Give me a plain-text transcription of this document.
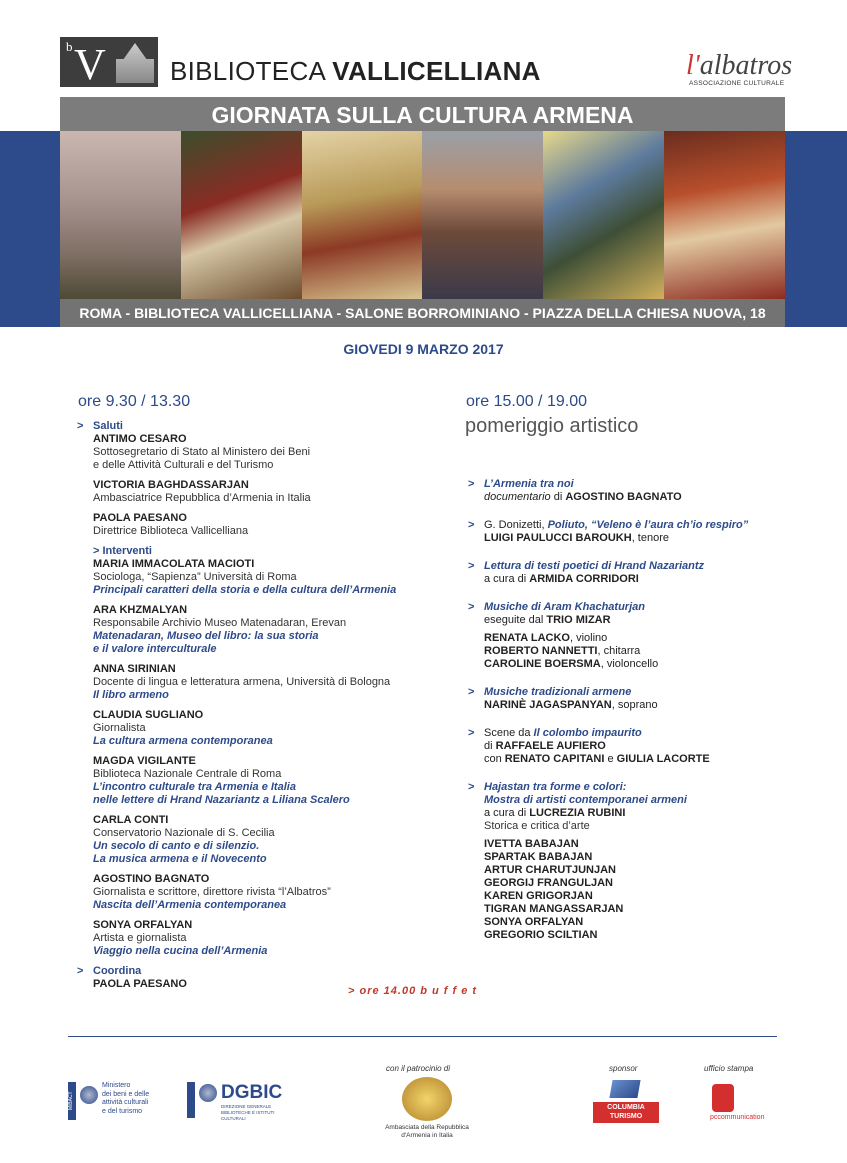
b V BIBLIOTECA VALLICELLIANA	l'albatros
ASSOCIAZIONE CULTURALE
GIORNATA SULLA CULTURA ARMENA
ROMA - BIBLIOTECA VALLICELLIANA - SALONE BORROMINIANO - PIAZZA DELLA CHIESA NUOVA, 18
GIOVEDI 9 MARZO 2017
ore 9.30 / 13.30	ore 15.00 / 19.00
pomeriggio artistico
> Saluti
ANTIMO CESARO
Sottosegretario di Stato al Ministero dei Beni
e delle Attività Culturali e del Turismo
VICTORIA BAGHDASSARJAN
Ambasciatrice Repubblica d’Armenia in Italia
PAOLA PAESANO
Direttrice Biblioteca Vallicelliana
> Interventi
MARIA IMMACOLATA MACIOTI
Sociologa, “Sapienza” Università di Roma
Principali caratteri della storia e della cultura dell’Armenia
ARA KHZMALYAN
Responsabile Archivio Museo Matenadaran, Erevan
Matenadaran, Museo del libro: la sua storia
e il valore interculturale
ANNA SIRINIAN
Docente di lingua e letteratura armena, Università di Bologna
Il libro armeno
CLAUDIA SUGLIANO
Giornalista
La cultura armena contemporanea
MAGDA VIGILANTE
Biblioteca Nazionale Centrale di Roma
L’incontro culturale tra Armenia e Italia
nelle lettere di Hrand Nazariantz a Liliana Scalero
CARLA CONTI
Conservatorio Nazionale di S. Cecilia
Un secolo di canto e di silenzio.
La musica armena e il Novecento
AGOSTINO BAGNATO
Giornalista e scrittore, direttore rivista “l’Albatros”
Nascita dell’Armenia contemporanea
SONYA ORFALYAN
Artista e giornalista
Viaggio nella cucina dell’Armenia
> Coordina
PAOLA PAESANO
> ore 14.00 b u f f e t
> L’Armenia tra noi
documentario di AGOSTINO BAGNATO
> G. Donizetti, Poliuto, “Veleno è l’aura ch’io respiro”
LUIGI PAULUCCI BAROUKH, tenore
> Lettura di testi poetici di Hrand Nazariantz
a cura di ARMIDA CORRIDORI
> Musiche di Aram Khachaturjan
eseguite dal TRIO MIZAR
RENATA LACKO, violino
ROBERTO NANNETTI, chitarra
CAROLINE BOERSMA, violoncello
> Musiche tradizionali armene
NARINÈ JAGASPANYAN, soprano
> Scene da Il colombo impaurito
di RAFFAELE AUFIERO
con RENATO CAPITANI e GIULIA LACORTE
> Hajastan tra forme e colori:
Mostra di artisti contemporanei armeni
a cura di LUCREZIA RUBINI
Storica e critica d’arte
IVETTA BABAJAN
SPARTAK BABAJAN
ARTUR CHARUTJUNJAN
GEORGIJ FRANGULJAN
KAREN GRIGORJAN
TIGRAN MANGASSARJAN
SONYA ORFALYAN
GREGORIO SCILTIAN
con il patrocinio di	sponsor	ufficio stampa
MiBACT
Ministero
dei beni e delle
attività culturali
e del turismo
DGBIC
DIREZIONE GENERALE
BIBLIOTECHE E ISTITUTI CULTURALI
Ambasciata della Repubblica
d'Armenia in Italia
COLUMBIA
TURISMO	pccommunication
